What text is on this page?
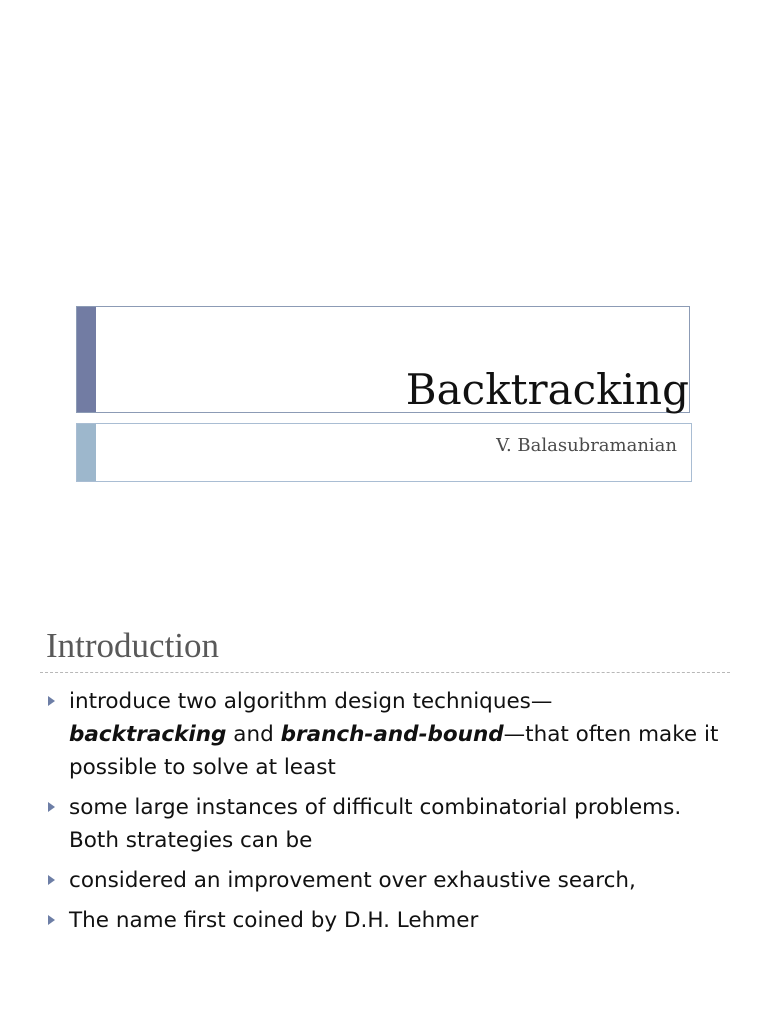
Backtracking
V. Balasubramanian
Introduction
introduce two algorithm design techniques—
backtracking and branch-and-bound—that often make it possible to solve at least
some large instances of difficult combinatorial problems. Both strategies can be
considered an improvement over exhaustive search,
The name first coined by D.H. Lehmer
